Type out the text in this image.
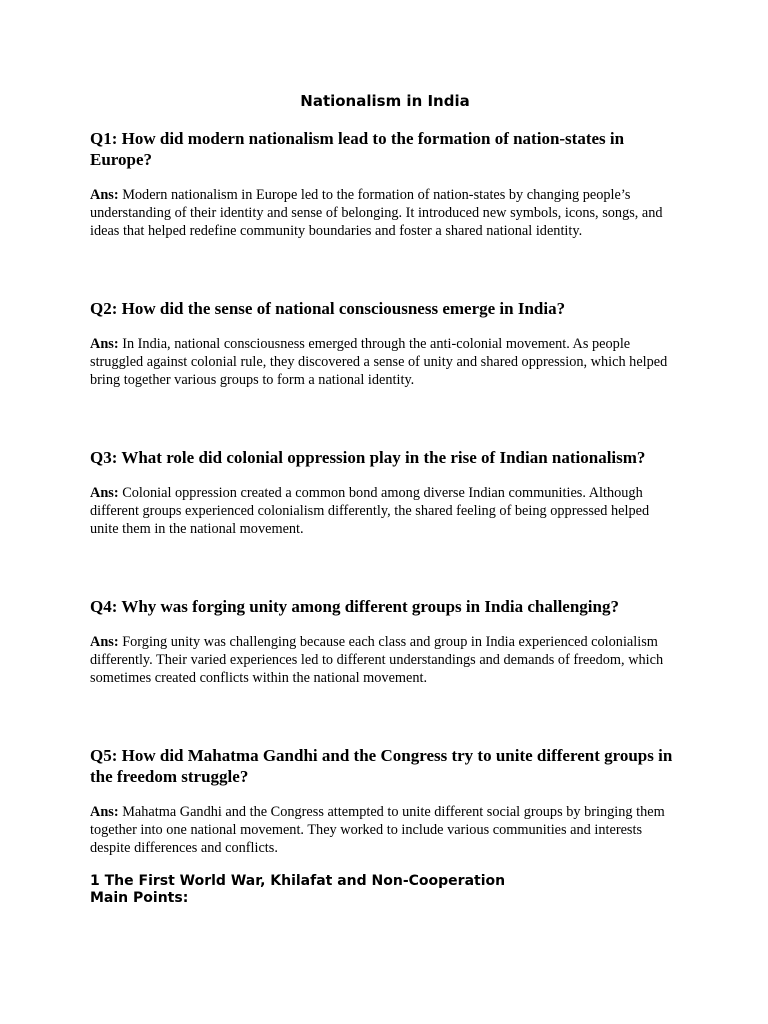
Nationalism in India

Q1: How did modern nationalism lead to the formation of nation-states in Europe?

Ans: Modern nationalism in Europe led to the formation of nation-states by changing people’s understanding of their identity and sense of belonging. It introduced new symbols, icons, songs, and ideas that helped redefine community boundaries and foster a shared national identity.

Q2: How did the sense of national consciousness emerge in India?

Ans: In India, national consciousness emerged through the anti-colonial movement. As people struggled against colonial rule, they discovered a sense of unity and shared oppression, which helped bring together various groups to form a national identity.

Q3: What role did colonial oppression play in the rise of Indian nationalism?

Ans: Colonial oppression created a common bond among diverse Indian communities. Although different groups experienced colonialism differently, the shared feeling of being oppressed helped unite them in the national movement.

Q4: Why was forging unity among different groups in India challenging?

Ans: Forging unity was challenging because each class and group in India experienced colonialism differently. Their varied experiences led to different understandings and demands of freedom, which sometimes created conflicts within the national movement.

Q5: How did Mahatma Gandhi and the Congress try to unite different groups in the freedom struggle?

Ans: Mahatma Gandhi and the Congress attempted to unite different social groups by bringing them together into one national movement. They worked to include various communities and interests despite differences and conflicts.

1 The First World War, Khilafat and Non-Cooperation

Main Points:
